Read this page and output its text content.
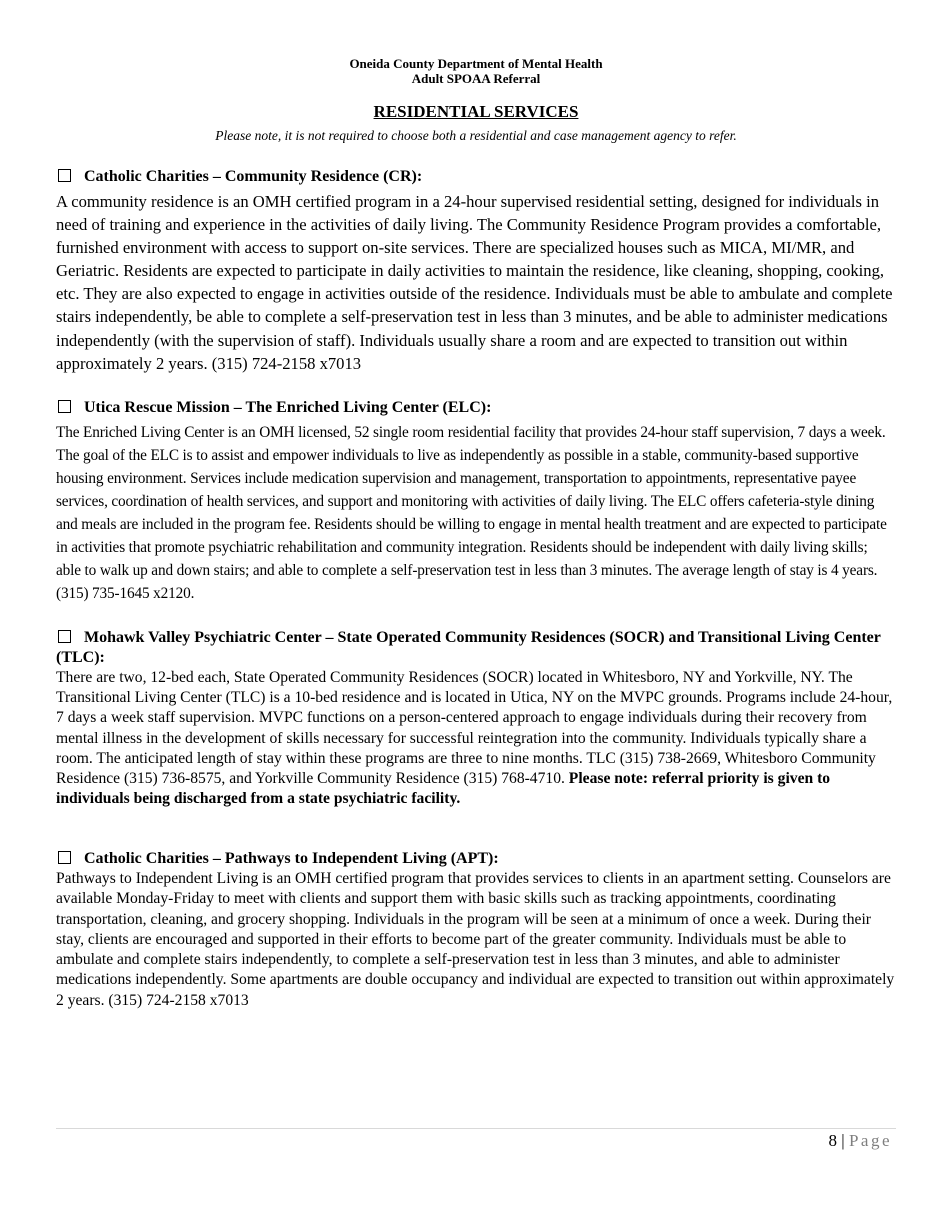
Oneida County Department of Mental Health
Adult SPOAA Referral
RESIDENTIAL SERVICES
Please note, it is not required to choose both a residential and case management agency to refer.
Catholic Charities – Community Residence (CR):
A community residence is an OMH certified program in a 24-hour supervised residential setting, designed for individuals in need of training and experience in the activities of daily living. The Community Residence Program provides a comfortable, furnished environment with access to support on-site services. There are specialized houses such as MICA, MI/MR, and Geriatric. Residents are expected to participate in daily activities to maintain the residence, like cleaning, shopping, cooking, etc. They are also expected to engage in activities outside of the residence. Individuals must be able to ambulate and complete stairs independently, be able to complete a self-preservation test in less than 3 minutes, and be able to administer medications independently (with the supervision of staff). Individuals usually share a room and are expected to transition out within approximately 2 years. (315) 724-2158 x7013
Utica Rescue Mission – The Enriched Living Center (ELC):
The Enriched Living Center is an OMH licensed, 52 single room residential facility that provides 24-hour staff supervision, 7 days a week. The goal of the ELC is to assist and empower individuals to live as independently as possible in a stable, community-based supportive housing environment. Services include medication supervision and management, transportation to appointments, representative payee services, coordination of health services, and support and monitoring with activities of daily living. The ELC offers cafeteria-style dining and meals are included in the program fee. Residents should be willing to engage in mental health treatment and are expected to participate in activities that promote psychiatric rehabilitation and community integration. Residents should be independent with daily living skills; able to walk up and down stairs; and able to complete a self-preservation test in less than 3 minutes. The average length of stay is 4 years. (315) 735-1645 x2120.
Mohawk Valley Psychiatric Center – State Operated Community Residences (SOCR) and Transitional Living Center (TLC):
There are two, 12-bed each, State Operated Community Residences (SOCR) located in Whitesboro, NY and Yorkville, NY. The Transitional Living Center (TLC) is a 10-bed residence and is located in Utica, NY on the MVPC grounds. Programs include 24-hour, 7 days a week staff supervision. MVPC functions on a person-centered approach to engage individuals during their recovery from mental illness in the development of skills necessary for successful reintegration into the community. Individuals typically share a room. The anticipated length of stay within these programs are three to nine months. TLC (315) 738-2669, Whitesboro Community Residence (315) 736-8575, and Yorkville Community Residence (315) 768-4710. Please note: referral priority is given to individuals being discharged from a state psychiatric facility.
Catholic Charities – Pathways to Independent Living (APT):
Pathways to Independent Living is an OMH certified program that provides services to clients in an apartment setting. Counselors are available Monday-Friday to meet with clients and support them with basic skills such as tracking appointments, coordinating transportation, cleaning, and grocery shopping. Individuals in the program will be seen at a minimum of once a week. During their stay, clients are encouraged and supported in their efforts to become part of the greater community. Individuals must be able to ambulate and complete stairs independently, to complete a self-preservation test in less than 3 minutes, and able to administer medications independently. Some apartments are double occupancy and individual are expected to transition out within approximately 2 years. (315) 724-2158 x7013
8 | Page
